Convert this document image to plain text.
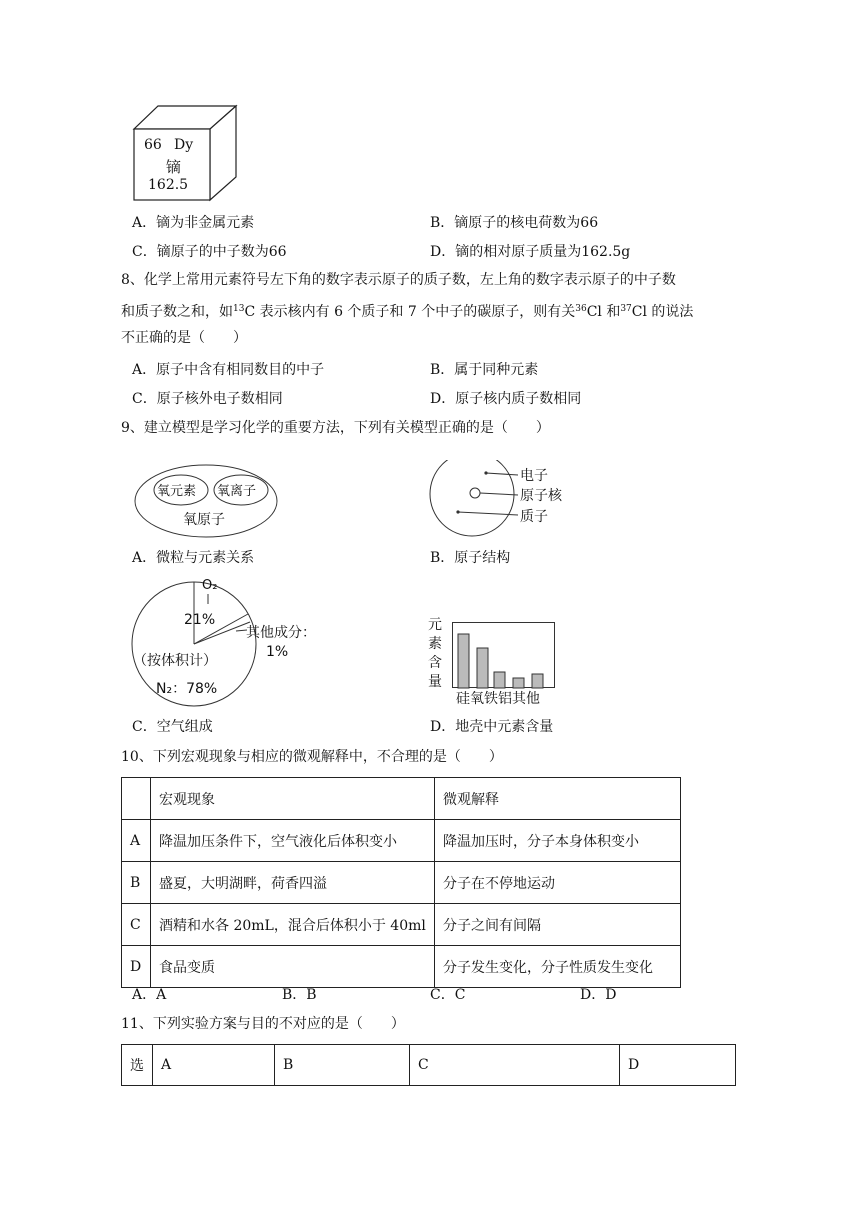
66 Dy
镝
162.5
A．镝为非金属元素	B．镝原子的核电荷数为66
C．镝原子的中子数为66	D．镝的相对原子质量为162.5g
8、化学上常用元素符号左下角的数字表示原子的质子数，左上角的数字表示原子的中子数
和质子数之和，如$^{13}$C 表示核内有 6 个质子和 7 个中子的碳原子，则有关$^{36}$Cl 和$^{37}$Cl 的说法
不正确的是（　　）
A．原子中含有相同数目的中子	B．属于同种元素
C．原子核外电子数相同	D．原子核内质子数相同
9、建立模型是学习化学的重要方法，下列有关模型正确的是（　　）
氧元素 氧离子
氧原子
电子
原子核
质子
A．微粒与元素关系	B．原子结构
O₂
21%
其他成分：
1%
（按体积计）
N₂：78%
元
素
含
量
硅氧铁铝其他
C．空气组成	D．地壳中元素含量
10、下列宏观现象与相应的微观解释中，不合理的是（　　）
	宏观现象	微观解释
A	降温加压条件下，空气液化后体积变小	降温加压时，分子本身体积变小
B	盛夏，大明湖畔，荷香四溢	分子在不停地运动
C	酒精和水各 20mL，混合后体积小于 40ml	分子之间有间隔
D	食品变质	分子发生变化，分子性质发生变化
A．A	B．B	C．C	D．D
11、下列实验方案与目的不对应的是（　　）
选	A	B	C	D
